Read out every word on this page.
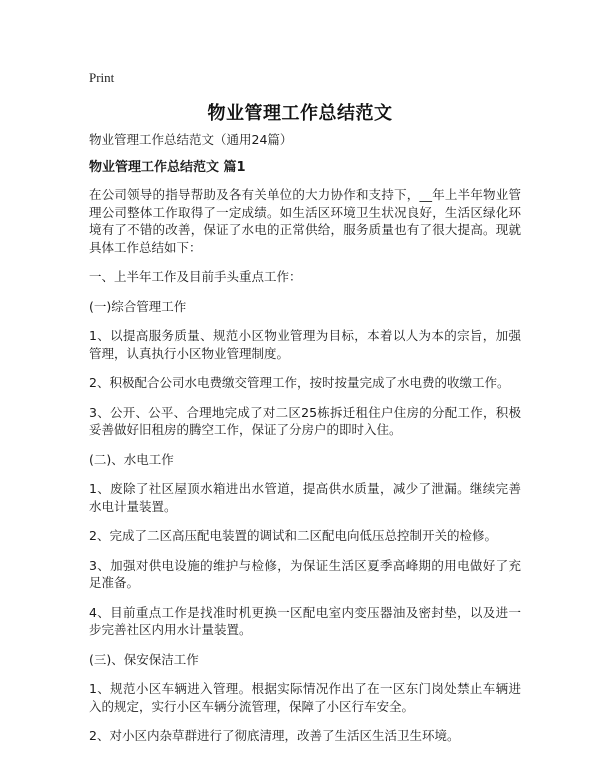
Print
物业管理工作总结范文

物业管理工作总结范文（通用24篇）

物业管理工作总结范文 篇1

在公司领导的指导帮助及各有关单位的大力协作和支持下，__年上半年物业管理公司整体工作取得了一定成绩。如生活区环境卫生状况良好，生活区绿化环境有了不错的改善，保证了水电的正常供给，服务质量也有了很大提高。现就具体工作总结如下：

一、上半年工作及目前手头重点工作：

(一)综合管理工作

1、以提高服务质量、规范小区物业管理为目标，本着以人为本的宗旨，加强管理，认真执行小区物业管理制度。

2、积极配合公司水电费缴交管理工作，按时按量完成了水电费的收缴工作。

3、公开、公平、合理地完成了对二区25栋拆迁租住户住房的分配工作，积极妥善做好旧租房的腾空工作，保证了分房户的即时入住。

(二)、水电工作

1、废除了社区屋顶水箱进出水管道，提高供水质量，减少了泄漏。继续完善水电计量装置。

2、完成了二区高压配电装置的调试和二区配电向低压总控制开关的检修。

3、加强对供电设施的维护与检修，为保证生活区夏季高峰期的用电做好了充足准备。

4、目前重点工作是找准时机更换一区配电室内变压器油及密封垫，以及进一步完善社区内用水计量装置。

(三)、保安保洁工作

1、规范小区车辆进入管理。根据实际情况作出了在一区东门岗处禁止车辆进入的规定，实行小区车辆分流管理，保障了小区行车安全。

2、对小区内杂草群进行了彻底清理，改善了生活区生活卫生环境。
